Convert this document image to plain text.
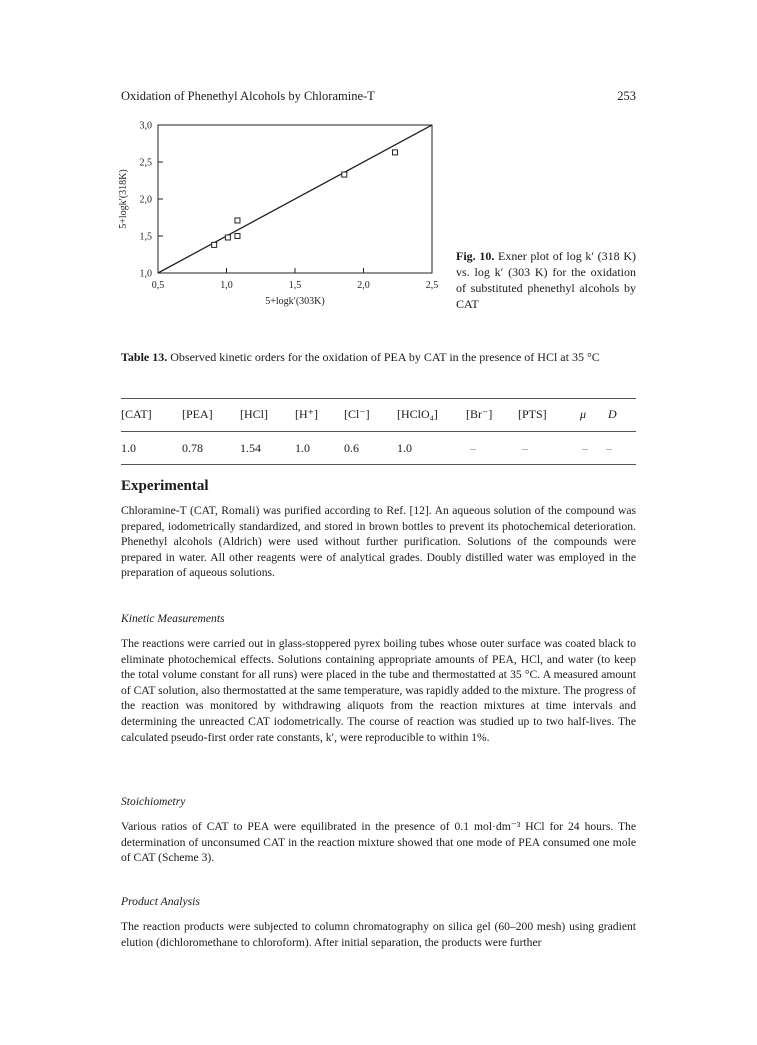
Oxidation of Phenethyl Alcohols by Chloramine-T	253
0,5	1,0	1,5	2,0	2,5
1,0
1,5
2,0
2,5
3,0
5+logk′(303K)
5+logk′(318K)
Fig. 10. Exner plot of log k′ (318 K) vs. log k′ (303 K) for the oxidation of substituted phenethyl alcohols by CAT
Table 13. Observed kinetic orders for the oxidation of PEA by CAT in the presence of HCl at 35 °C
[CAT]	[PEA] [HCl] [H⁺] [Cl⁻] [HClO₄] [Br⁻] [PTS]	μ D
1.0	0.78	1.54	1.0	0.6	1.0	–	–	– –
Experimental
Chloramine-T (CAT, Romali) was purified according to Ref. [12]. An aqueous solution of the compound was prepared, iodometrically standardized, and stored in brown bottles to prevent its photochemical deterioration. Phenethyl alcohols (Aldrich) were used without further purification. Solutions of the compounds were prepared in water. All other reagents were of analytical grades. Doubly distilled water was employed in the preparation of aqueous solutions.
Kinetic Measurements
The reactions were carried out in glass-stoppered pyrex boiling tubes whose outer surface was coated black to eliminate photochemical effects. Solutions containing appropriate amounts of PEA, HCl, and water (to keep the total volume constant for all runs) were placed in the tube and thermostatted at 35 °C. A measured amount of CAT solution, also thermostatted at the same temperature, was rapidly added to the mixture. The progress of the reaction was monitored by withdrawing aliquots from the reaction mixtures at time intervals and determining the unreacted CAT iodometrically. The course of reaction was studied up to two half-lives. The calculated pseudo-first order rate constants, k′, were reproducible to within 1%.
Stoichiometry
Various ratios of CAT to PEA were equilibrated in the presence of 0.1 mol·dm⁻³ HCl for 24 hours. The determination of unconsumed CAT in the reaction mixture showed that one mode of PEA consumed one mole of CAT (Scheme 3).
Product Analysis
The reaction products were subjected to column chromatography on silica gel (60–200 mesh) using gradient elution (dichloromethane to chloroform). After initial separation, the products were further
